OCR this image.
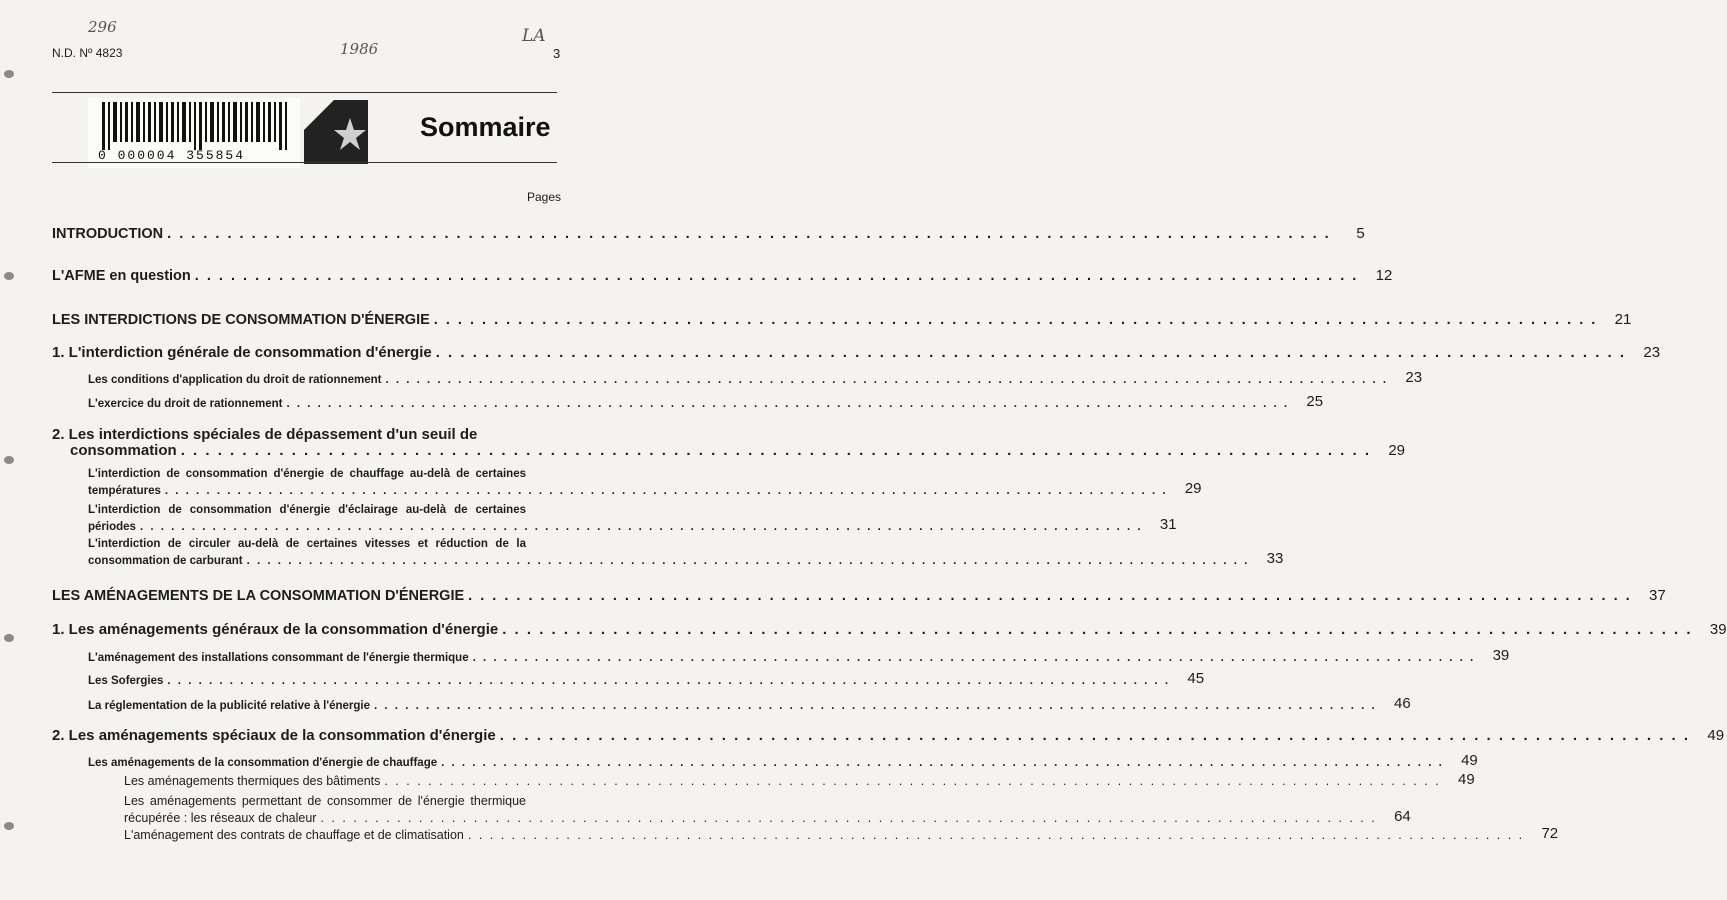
296
1986
LA
N.D. Nº 4823	3
0 000004 355854
Sommaire
Pages
INTRODUCTION . . .	5
L'AFME en question . . .	12
LES INTERDICTIONS DE CONSOMMATION D'ÉNERGIE . . .	21
1. L'interdiction générale de consommation d'énergie . . .	23
Les conditions d'application du droit de rationnement . . .	23
L'exercice du droit de rationnement . . .	25
2. Les interdictions spéciales de dépassement d'un seuil de
consommation . . .	29
L'interdiction de consommation d'énergie de chauffage au-delà de certaines
températures . . .	29
L'interdiction de consommation d'énergie d'éclairage au-delà de certaines
périodes . . .	31
L'interdiction de circuler au-delà de certaines vitesses et réduction de la
consommation de carburant . . .	33
LES AMÉNAGEMENTS DE LA CONSOMMATION D'ÉNERGIE . . .	37
1. Les aménagements généraux de la consommation d'énergie . . .	39
L'aménagement des installations consommant de l'énergie thermique . . .	39
Les Sofergies . . .	45
La réglementation de la publicité relative à l'énergie . . .	46
2. Les aménagements spéciaux de la consommation d'énergie . . .	49
Les aménagements de la consommation d'énergie de chauffage . . .	49
Les aménagements thermiques des bâtiments . . .	49
Les aménagements permettant de consommer de l'énergie thermique
récupérée : les réseaux de chaleur . . .	64
L'aménagement des contrats de chauffage et de climatisation . . .	72
